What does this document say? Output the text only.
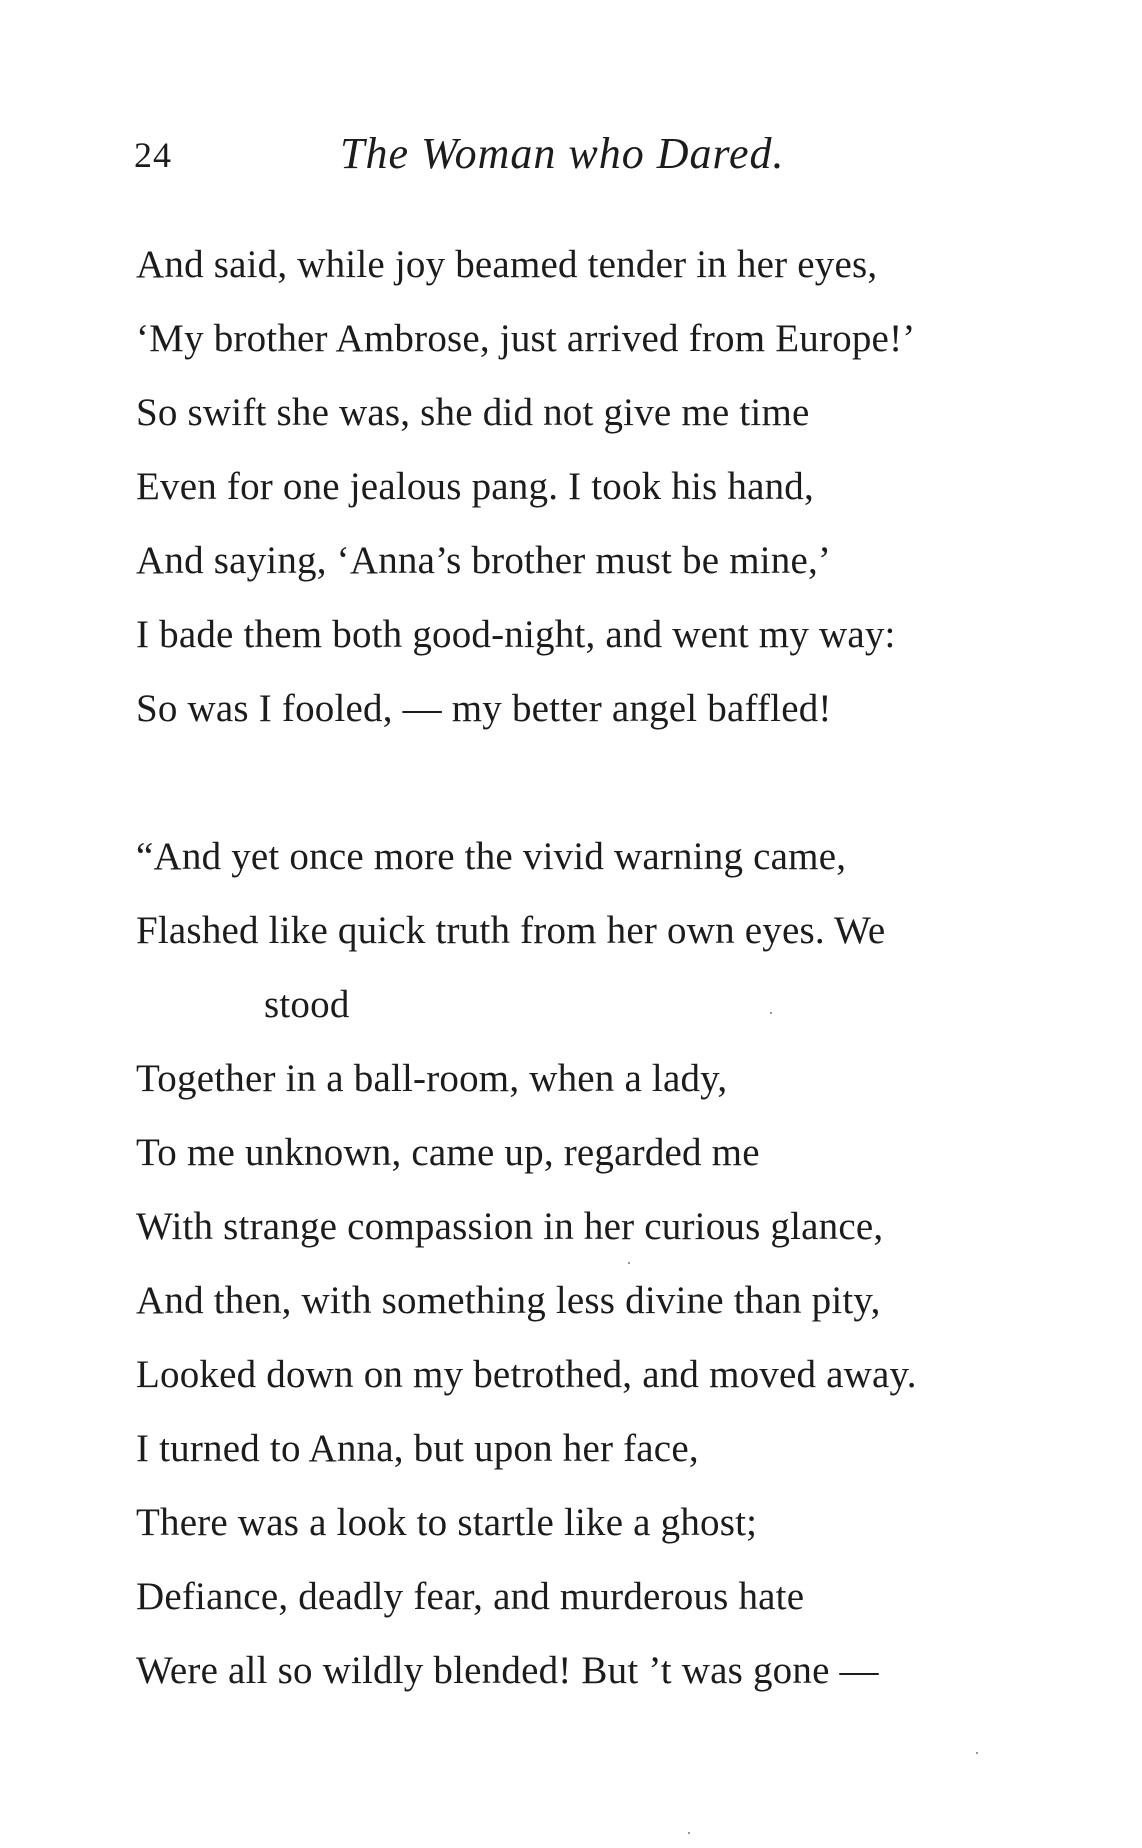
24	The Woman who Dared.
And said, while joy beamed tender in her eyes,
‘My brother Ambrose, just arrived from Europe!’
So swift she was, she did not give me time
Even for one jealous pang. I took his hand,
And saying, ‘Anna’s brother must be mine,’
I bade them both good-night, and went my way:
So was I fooled, — my better angel baffled!
“And yet once more the vivid warning came,
Flashed like quick truth from her own eyes. We
stood
Together in a ball-room, when a lady,
To me unknown, came up, regarded me
With strange compassion in her curious glance,
And then, with something less divine than pity,
Looked down on my betrothed, and moved away.
I turned to Anna, but upon her face,
There was a look to startle like a ghost;
Defiance, deadly fear, and murderous hate
Were all so wildly blended! But ’t was gone —
